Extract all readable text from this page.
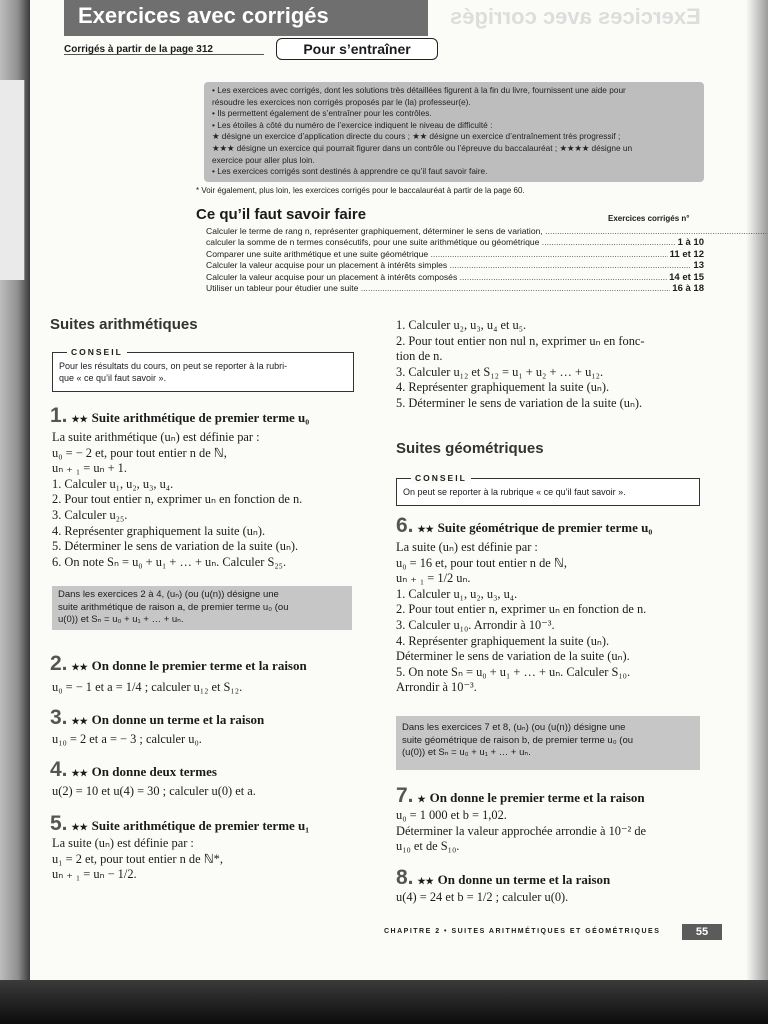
Exercices avec corrigés
Exercices avec corrigés
Corrigés à partir de la page 312	Pour s’entraîner
• Les exercices avec corrigés, dont les solutions très détaillées figurent à la fin du livre, fournissent une aide pour
résoudre les exercices non corrigés proposés par le (la) professeur(e).
• Ils permettent également de s’entraîner pour les contrôles.
• Les étoiles à côté du numéro de l’exercice indiquent le niveau de difficulté :
★ désigne un exercice d’application directe du cours ; ★★ désigne un exercice d’entraînement très progressif ;
★★★ désigne un exercice qui pourrait figurer dans un contrôle ou l’épreuve du baccalauréat ; ★★★★ désigne un
exercice pour aller plus loin.
• Les exercices corrigés sont destinés à apprendre ce qu’il faut savoir faire.
* Voir également, plus loin, les exercices corrigés pour le baccalauréat à partir de la page 60.
Ce qu’il faut savoir faire	Exercices corrigés n°
Calculer le terme de rang n, représenter graphiquement, déterminer le sens de variation, .....
calculer la somme de n termes consécutifs, pour une suite arithmétique ou géométrique .....	1 à 10
Comparer une suite arithmétique et une suite géométrique .....	11 et 12
Calculer la valeur acquise pour un placement à intérêts simples .....	13
Calculer la valeur acquise pour un placement à intérêts composés .....	14 et 15
Utiliser un tableur pour étudier une suite .....	16 à 18
Suites arithmétiques
CONSEIL
Pour les résultats du cours, on peut se reporter à la rubri-
que « ce qu’il faut savoir ».
1. ★★ Suite arithmétique de premier terme u₀
La suite arithmétique (uₙ) est définie par :
u₀ = − 2 et, pour tout entier n de ℕ,
uₙ ₊ ₁ = uₙ + 1.
1. Calculer u₁, u₂, u₃, u₄.
2. Pour tout entier n, exprimer uₙ en fonction de n.
3. Calculer u₂₅.
4. Représenter graphiquement la suite (uₙ).
5. Déterminer le sens de variation de la suite (uₙ).
6. On note Sₙ = u₀ + u₁ + … + uₙ. Calculer S₂₅.
Dans les exercices 2 à 4, (uₙ) (ou (u(n)) désigne une
suite arithmétique de raison a, de premier terme u₀ (ou
u(0)) et Sₙ = u₀ + u₁ + … + uₙ.
2. ★★ On donne le premier terme et la raison
u₀ = − 1 et a = 1/4 ; calculer u₁₂ et S₁₂.
3. ★★ On donne un terme et la raison
u₁₀ = 2 et a = − 3 ; calculer u₀.
4. ★★ On donne deux termes
u(2) = 10 et u(4) = 30 ; calculer u(0) et a.
5. ★★ Suite arithmétique de premier terme u₁
La suite (uₙ) est définie par :
u₁ = 2 et, pour tout entier n de ℕ*,
uₙ ₊ ₁ = uₙ − 1/2.
1. Calculer u₂, u₃, u₄ et u₅.
2. Pour tout entier non nul n, exprimer uₙ en fonc-
tion de n.
3. Calculer u₁₂ et S₁₂ = u₁ + u₂ + … + u₁₂.
4. Représenter graphiquement la suite (uₙ).
5. Déterminer le sens de variation de la suite (uₙ).
Suites géométriques
CONSEIL
On peut se reporter à la rubrique « ce qu’il faut savoir ».
6. ★★ Suite géométrique de premier terme u₀
La suite (uₙ) est définie par :
u₀ = 16 et, pour tout entier n de ℕ,
uₙ ₊ ₁ = 1/2 uₙ.
1. Calculer u₁, u₂, u₃, u₄.
2. Pour tout entier n, exprimer uₙ en fonction de n.
3. Calculer u₁₀. Arrondir à 10⁻³.
4. Représenter graphiquement la suite (uₙ).
Déterminer le sens de variation de la suite (uₙ).
5. On note Sₙ = u₀ + u₁ + … + uₙ. Calculer S₁₀.
Arrondir à 10⁻³.
Dans les exercices 7 et 8, (uₙ) (ou (u(n)) désigne une
suite géométrique de raison b, de premier terme u₀ (ou
(u(0)) et Sₙ = u₀ + u₁ + … + uₙ.
7. ★ On donne le premier terme et la raison
u₀ = 1 000 et b = 1,02.
Déterminer la valeur approchée arrondie à 10⁻² de
u₁₀ et de S₁₀.
8. ★★ On donne un terme et la raison
u(4) = 24 et b = 1/2 ; calculer u(0).
CHAPITRE 2 • SUITES ARITHMÉTIQUES ET GÉOMÉTRIQUES	55
